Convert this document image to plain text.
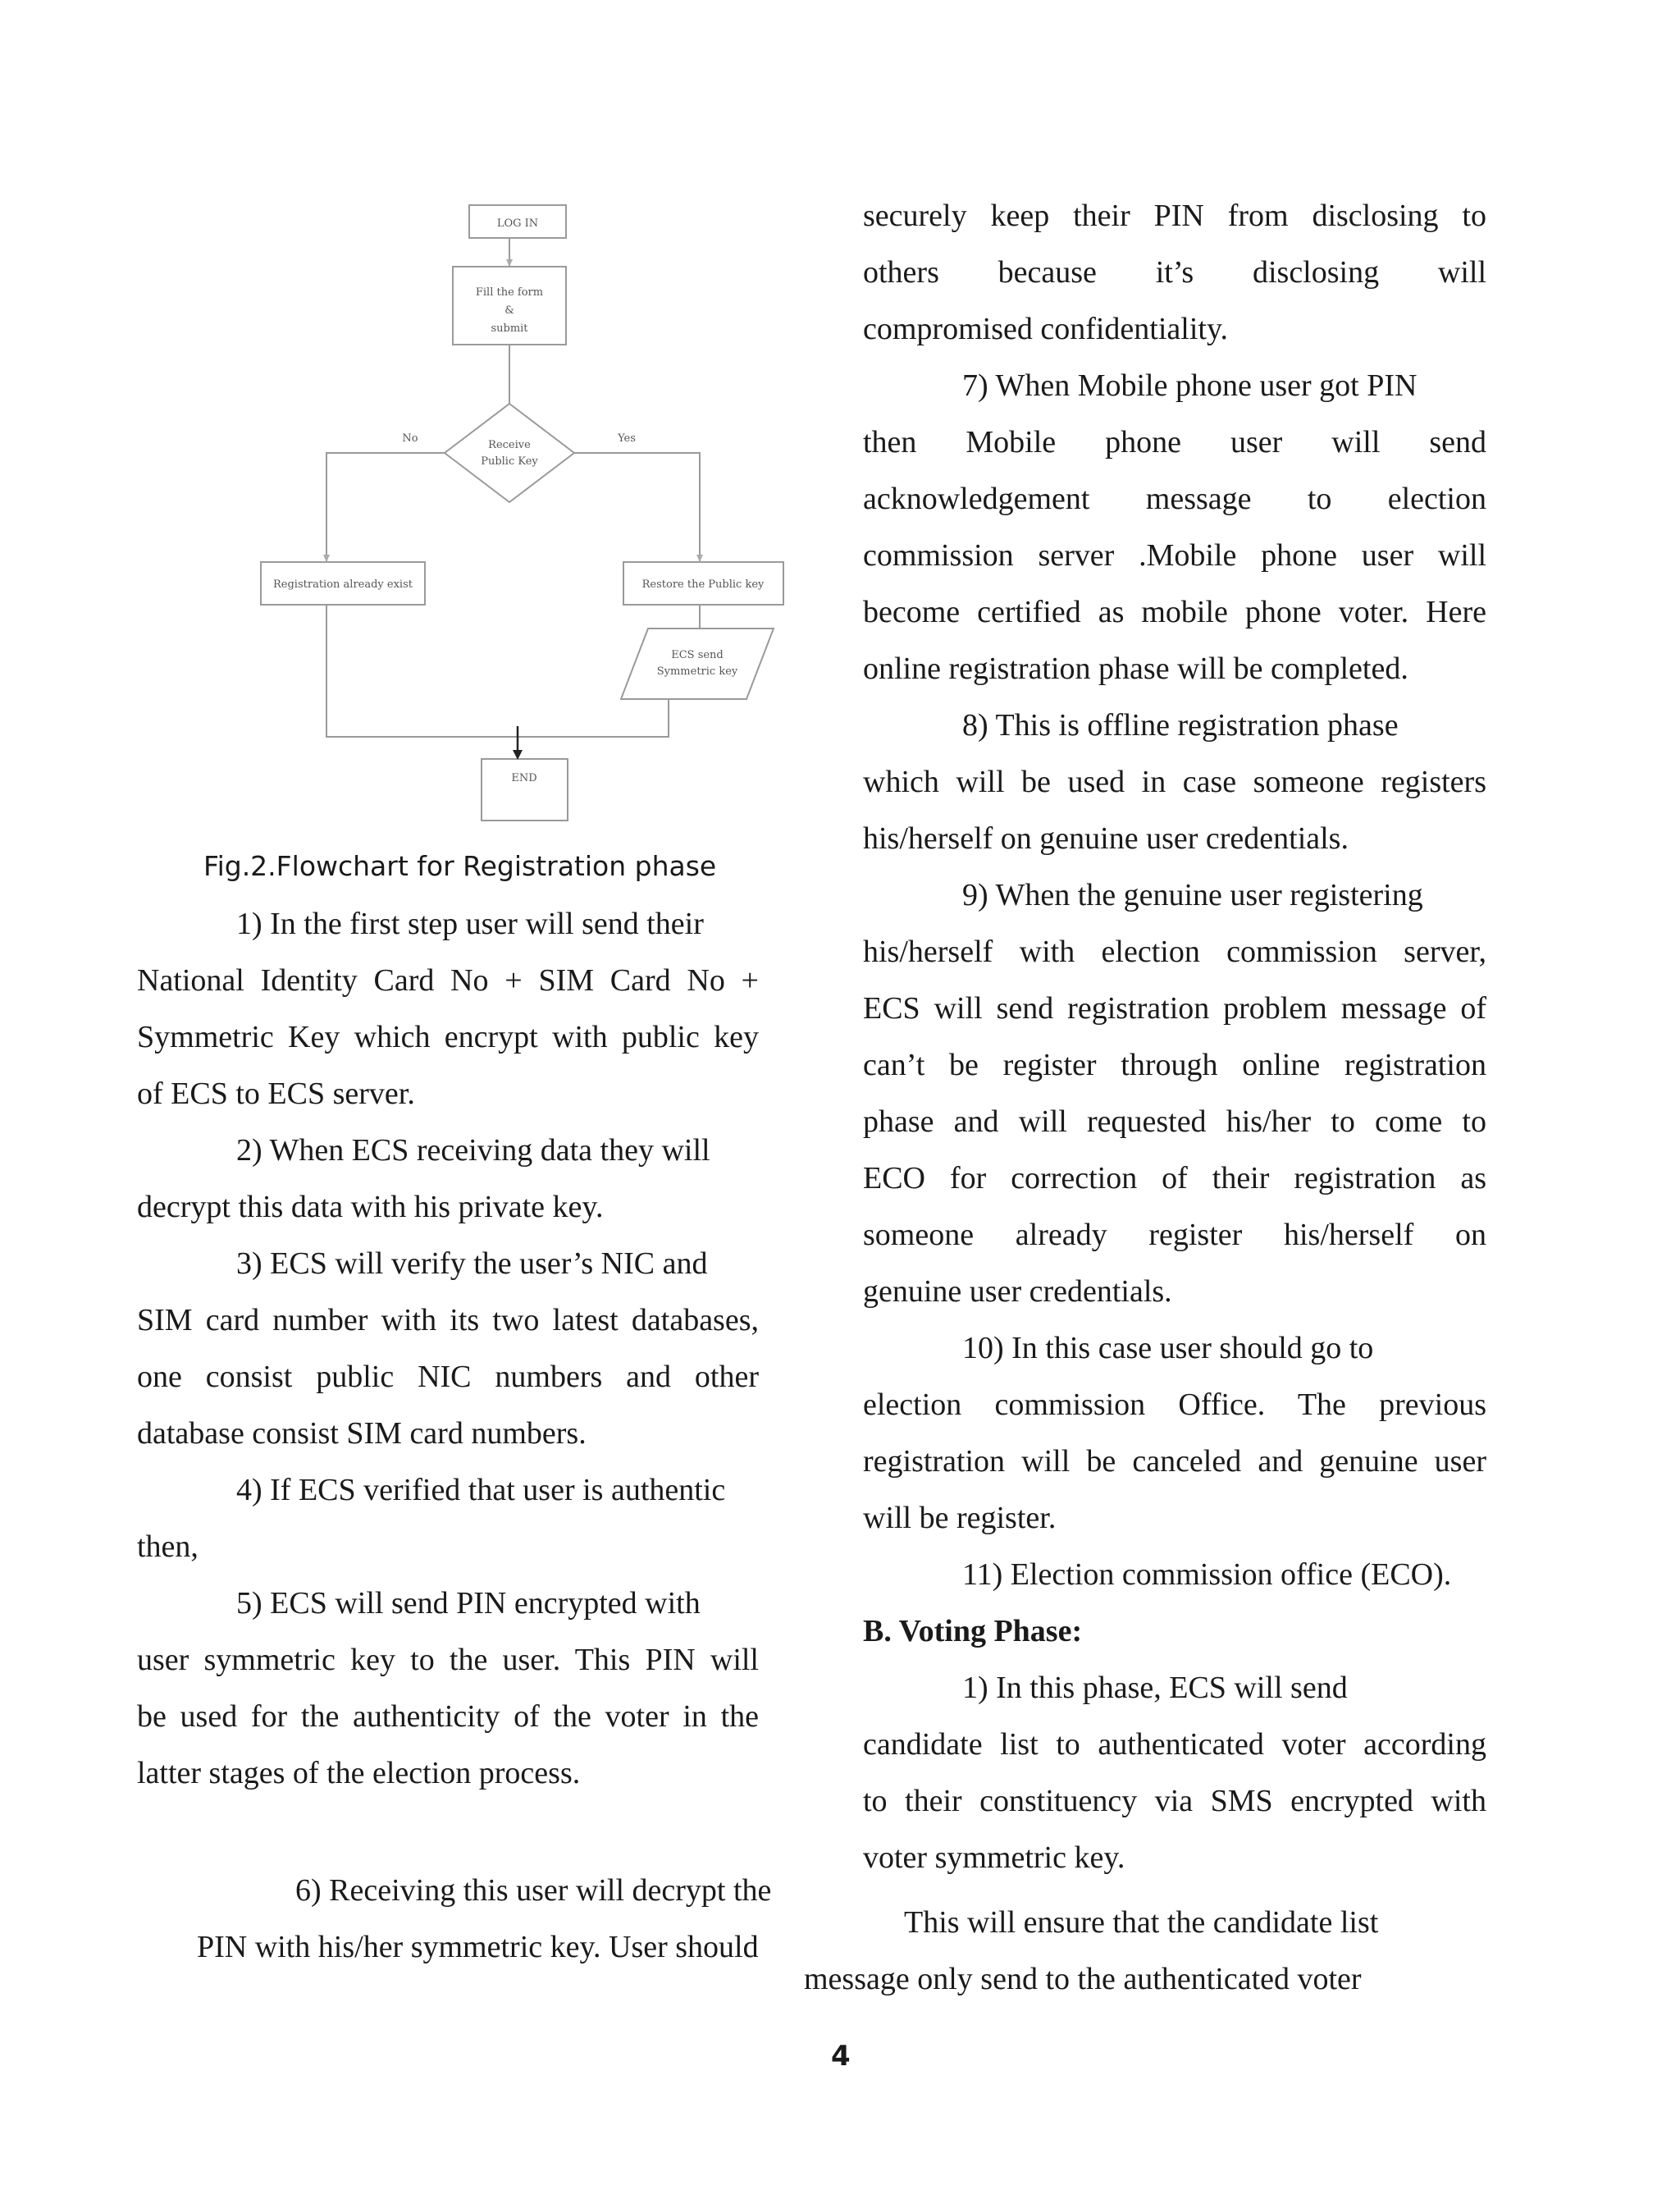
LOG IN
Fill the form
&
submit
Receive
Public Key
Registration already exist	Restore the Public key
ECS send
Symmetric key
END
No	Yes
Fig.2.Flowchart for Registration phase
1) In the first step user will send their
National Identity Card No + SIM Card No +
Symmetric Key which encrypt with public key
of ECS to ECS server.
2) When ECS receiving data they will
decrypt this data with his private key.
3) ECS will verify the user’s NIC and
SIM card number with its two latest databases,
one consist public NIC numbers and other
database consist SIM card numbers.
4) If ECS verified that user is authentic
then,
5) ECS will send PIN encrypted with
user symmetric key to the user. This PIN will
be used for the authenticity of the voter in the
latter stages of the election process.
securely keep their PIN from disclosing to
others because it’s disclosing will
compromised confidentiality.
7) When Mobile phone user got PIN
then Mobile phone user will send
acknowledgement message to election
commission server .Mobile phone user will
become certified as mobile phone voter. Here
online registration phase will be completed.
8) This is offline registration phase
which will be used in case someone registers
his/herself on genuine user credentials.
9) When the genuine user registering
his/herself with election commission server,
ECS will send registration problem message of
can’t be register through online registration
phase and will requested his/her to come to
ECO for correction of their registration as
someone already register his/herself on
genuine user credentials.
10) In this case user should go to
election commission Office. The previous
registration will be canceled and genuine user
will be register.
11) Election commission office (ECO).
B. Voting Phase:
1) In this phase, ECS will send
candidate list to authenticated voter according
to their constituency via SMS encrypted with
voter symmetric key.
6) Receiving this user will decrypt the
PIN with his/her symmetric key. User should
This will ensure that the candidate list
message only send to the authenticated voter
4
